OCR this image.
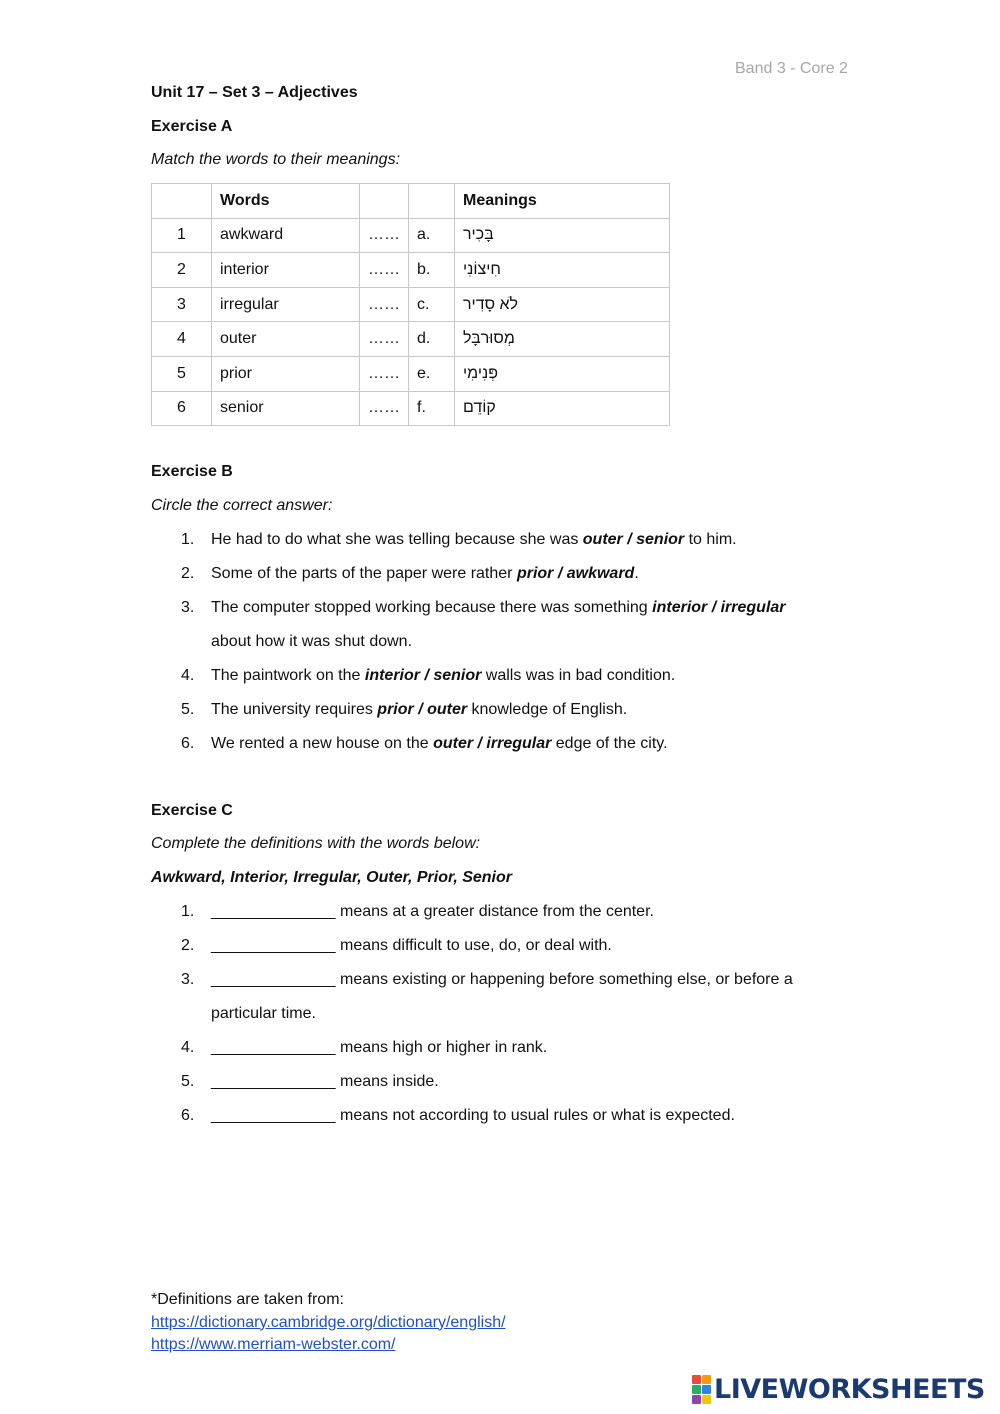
Band 3 - Core 2
Unit 17 – Set 3 – Adjectives
Exercise A
Match the words to their meanings:
	Words			Meanings
1	awkward	……	a.	בָּכִיר
2	interior	……	b.	חִיצוֹנִי
3	irregular	……	c.	לֹא סָדִיר
4	outer	……	d.	מְסוּרבָּל
5	prior	……	e.	פְּנִימִי
6	senior	……	f.	קוֹדֵם
Exercise B
Circle the correct answer:
1. He had to do what she was telling because she was outer / senior to him.
2. Some of the parts of the paper were rather prior / awkward.
3. The computer stopped working because there was something interior / irregular about how it was shut down.
4. The paintwork on the interior / senior walls was in bad condition.
5. The university requires prior / outer knowledge of English.
6. We rented a new house on the outer / irregular edge of the city.
Exercise C
Complete the definitions with the words below:
Awkward, Interior, Irregular, Outer, Prior, Senior
1. ______________ means at a greater distance from the center.
2. ______________ means difficult to use, do, or deal with.
3. ______________ means existing or happening before something else, or before a particular time.
4. ______________ means high or higher in rank.
5. ______________ means inside.
6. ______________ means not according to usual rules or what is expected.
*Definitions are taken from:
https://dictionary.cambridge.org/dictionary/english/
https://www.merriam-webster.com/
LIVEWORKSHEETS
